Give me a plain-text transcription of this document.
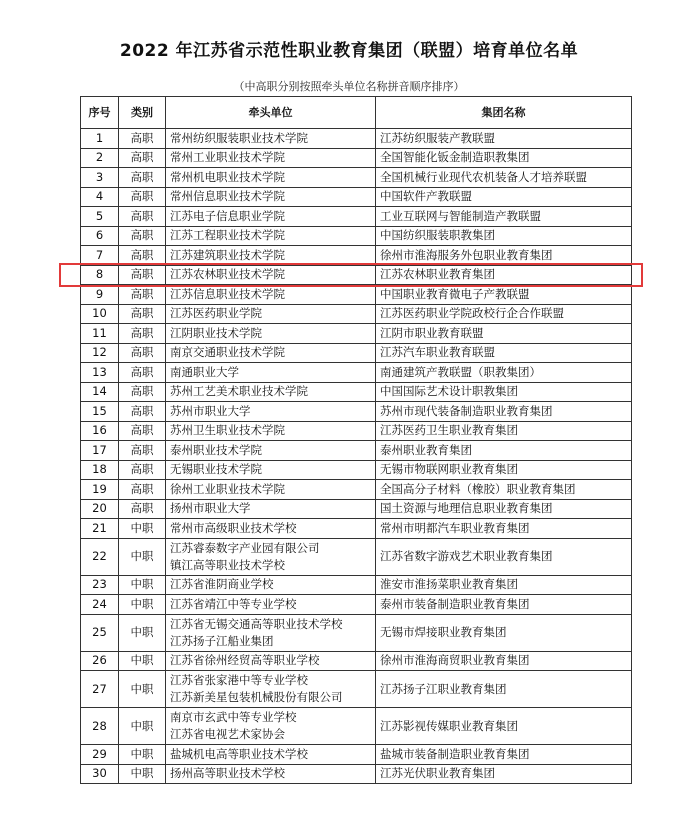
2022 年江苏省示范性职业教育集团（联盟）培育单位名单
（中高职分别按照牵头单位名称拼音顺序排序）
序号	类别	牵头单位	集团名称
1	高职	常州纺织服装职业技术学院	江苏纺织服装产教联盟
2	高职	常州工业职业技术学院	全国智能化钣金制造职教集团
3	高职	常州机电职业技术学院	全国机械行业现代农机装备人才培养联盟
4	高职	常州信息职业技术学院	中国软件产教联盟
5	高职	江苏电子信息职业学院	工业互联网与智能制造产教联盟
6	高职	江苏工程职业技术学院	中国纺织服装职教集团
7	高职	江苏建筑职业技术学院	徐州市淮海服务外包职业教育集团
8	高职	江苏农林职业技术学院	江苏农林职业教育集团
9	高职	江苏信息职业技术学院	中国职业教育微电子产教联盟
10	高职	江苏医药职业学院	江苏医药职业学院政校行企合作联盟
11	高职	江阴职业技术学院	江阴市职业教育联盟
12	高职	南京交通职业技术学院	江苏汽车职业教育联盟
13	高职	南通职业大学	南通建筑产教联盟（职教集团）
14	高职	苏州工艺美术职业技术学院	中国国际艺术设计职教集团
15	高职	苏州市职业大学	苏州市现代装备制造职业教育集团
16	高职	苏州卫生职业技术学院	江苏医药卫生职业教育集团
17	高职	泰州职业技术学院	泰州职业教育集团
18	高职	无锡职业技术学院	无锡市物联网职业教育集团
19	高职	徐州工业职业技术学院	全国高分子材料（橡胶）职业教育集团
20	高职	扬州市职业大学	国土资源与地理信息职业教育集团
21	中职	常州市高级职业技术学校	常州市明都汽车职业教育集团
22	中职	江苏睿泰数字产业园有限公司
镇江高等职业技术学校	江苏省数字游戏艺术职业教育集团
23	中职	江苏省淮阴商业学校	淮安市淮扬菜职业教育集团
24	中职	江苏省靖江中等专业学校	泰州市装备制造职业教育集团
25	中职	江苏省无锡交通高等职业技术学校
江苏扬子江船业集团	无锡市焊接职业教育集团
26	中职	江苏省徐州经贸高等职业学校	徐州市淮海商贸职业教育集团
27	中职	江苏省张家港中等专业学校
江苏新美星包装机械股份有限公司	江苏扬子江职业教育集团
28	中职	南京市玄武中等专业学校
江苏省电视艺术家协会	江苏影视传媒职业教育集团
29	中职	盐城机电高等职业技术学校	盐城市装备制造职业教育集团
30	中职	扬州高等职业技术学校	江苏光伏职业教育集团
